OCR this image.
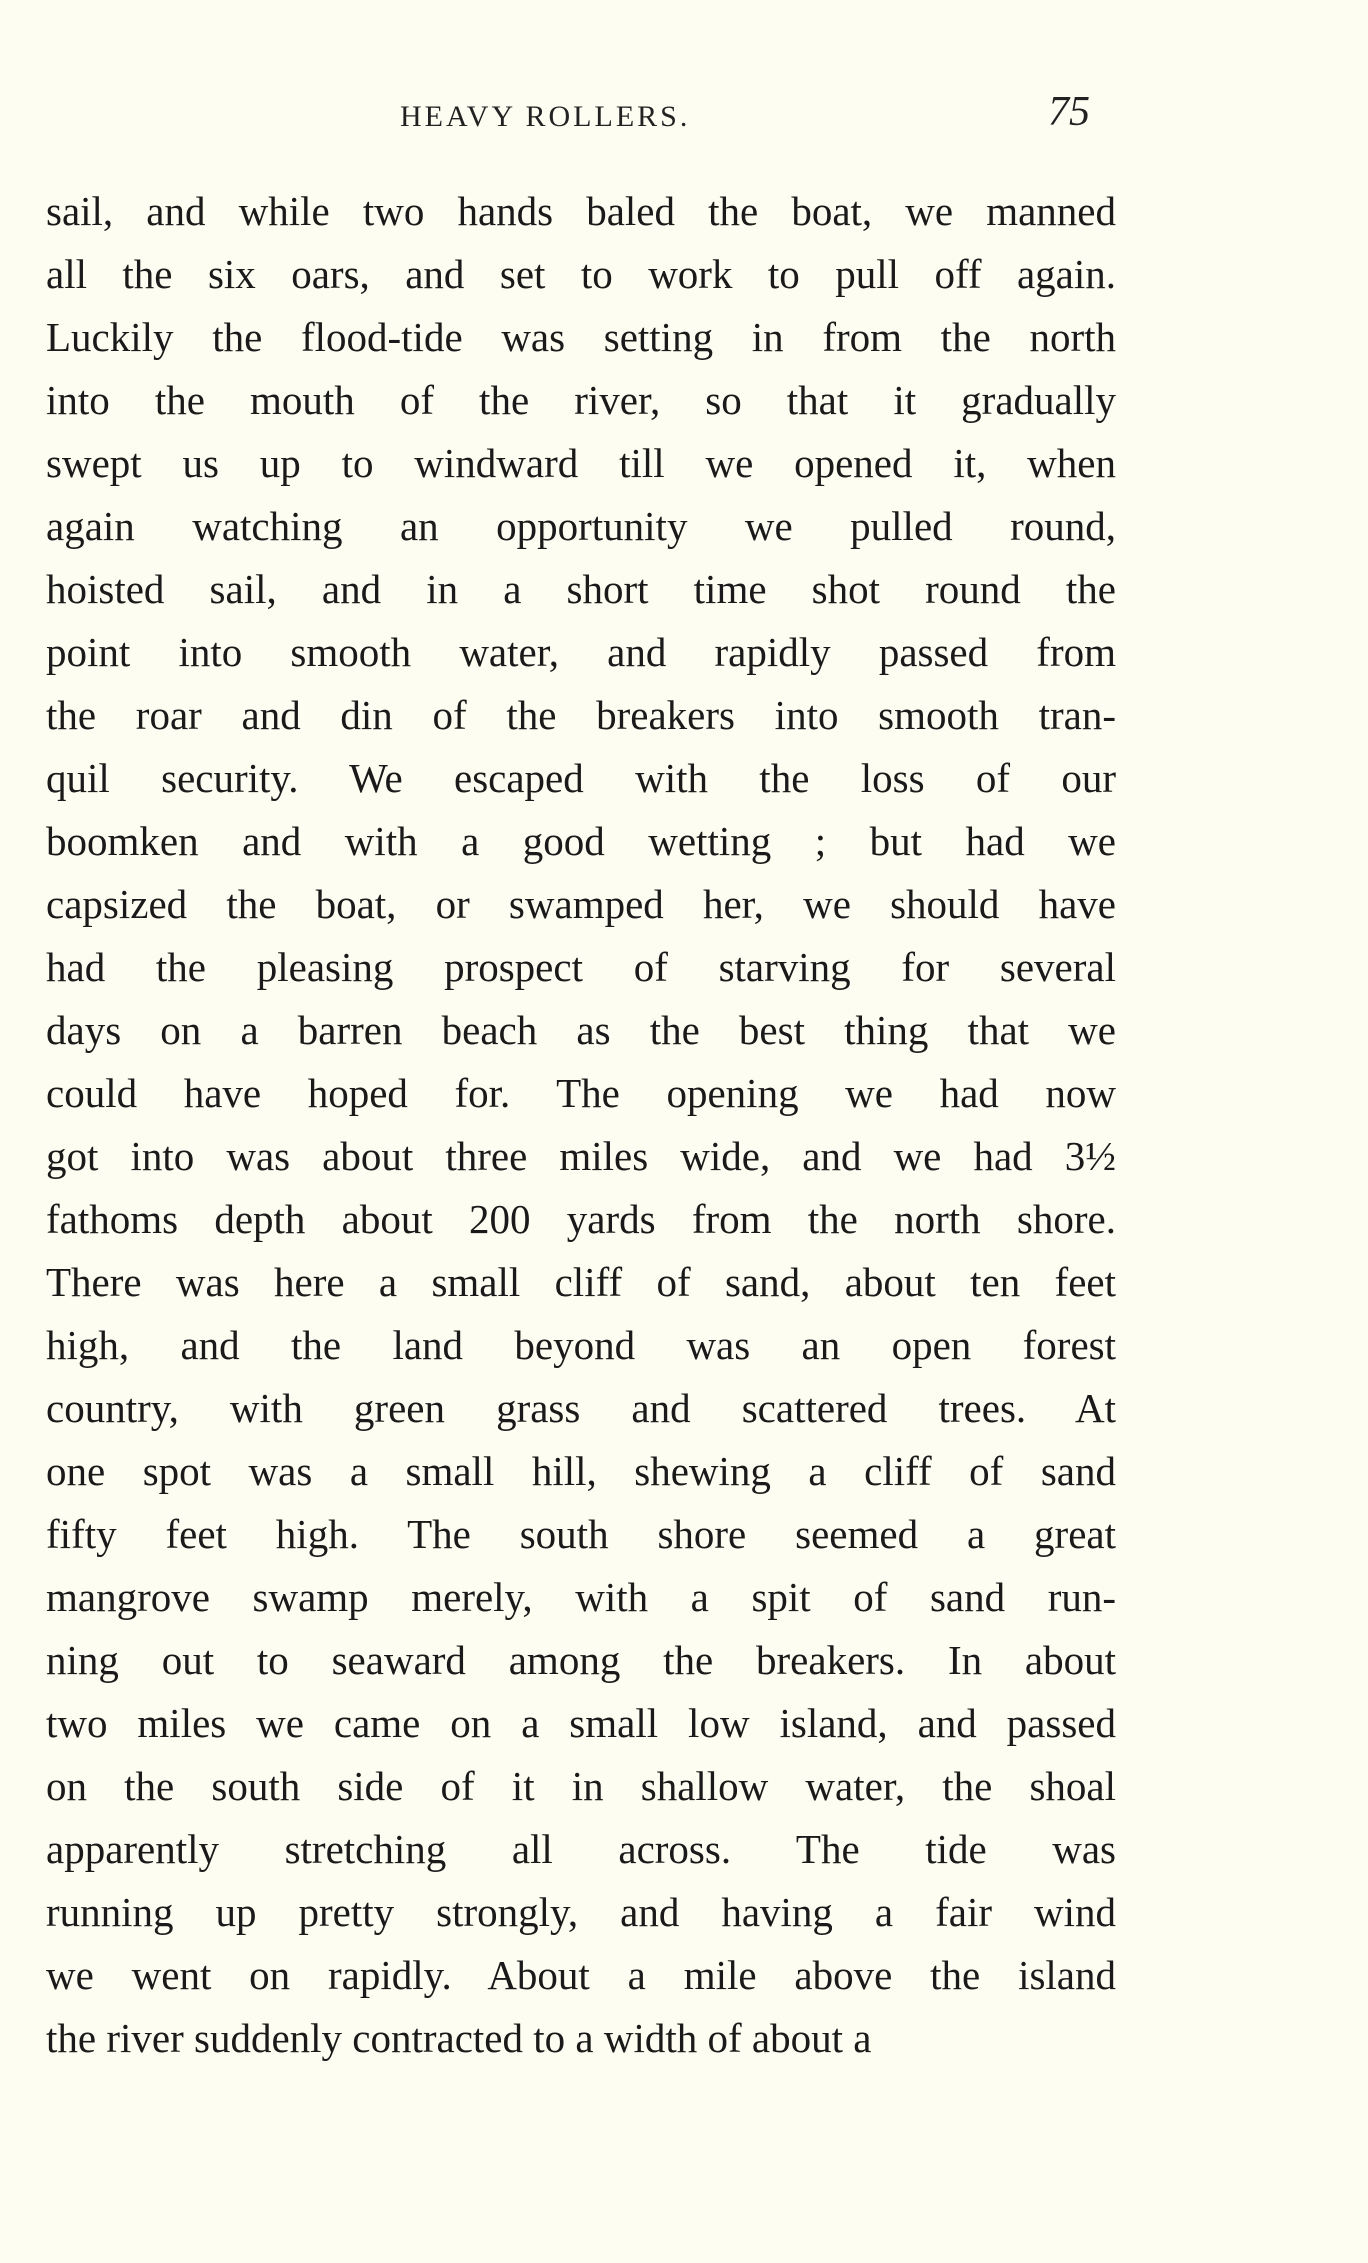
HEAVY ROLLERS.	75
sail, and while two hands baled the boat, we manned
all the six oars, and set to work to pull off again.
Luckily the flood-tide was setting in from the north
into the mouth of the river, so that it gradually
swept us up to windward till we opened it, when
again watching an opportunity we pulled round,
hoisted sail, and in a short time shot round the
point into smooth water, and rapidly passed from
the roar and din of the breakers into smooth tran-
quil security. We escaped with the loss of our
boomken and with a good wetting ; but had we
capsized the boat, or swamped her, we should have
had the pleasing prospect of starving for several
days on a barren beach as the best thing that we
could have hoped for. The opening we had now
got into was about three miles wide, and we had 3½
fathoms depth about 200 yards from the north shore.
There was here a small cliff of sand, about ten feet
high, and the land beyond was an open forest
country, with green grass and scattered trees. At
one spot was a small hill, shewing a cliff of sand
fifty feet high. The south shore seemed a great
mangrove swamp merely, with a spit of sand run-
ning out to seaward among the breakers. In about
two miles we came on a small low island, and passed
on the south side of it in shallow water, the shoal
apparently stretching all across. The tide was
running up pretty strongly, and having a fair wind
we went on rapidly. About a mile above the island
the river suddenly contracted to a width of about a
